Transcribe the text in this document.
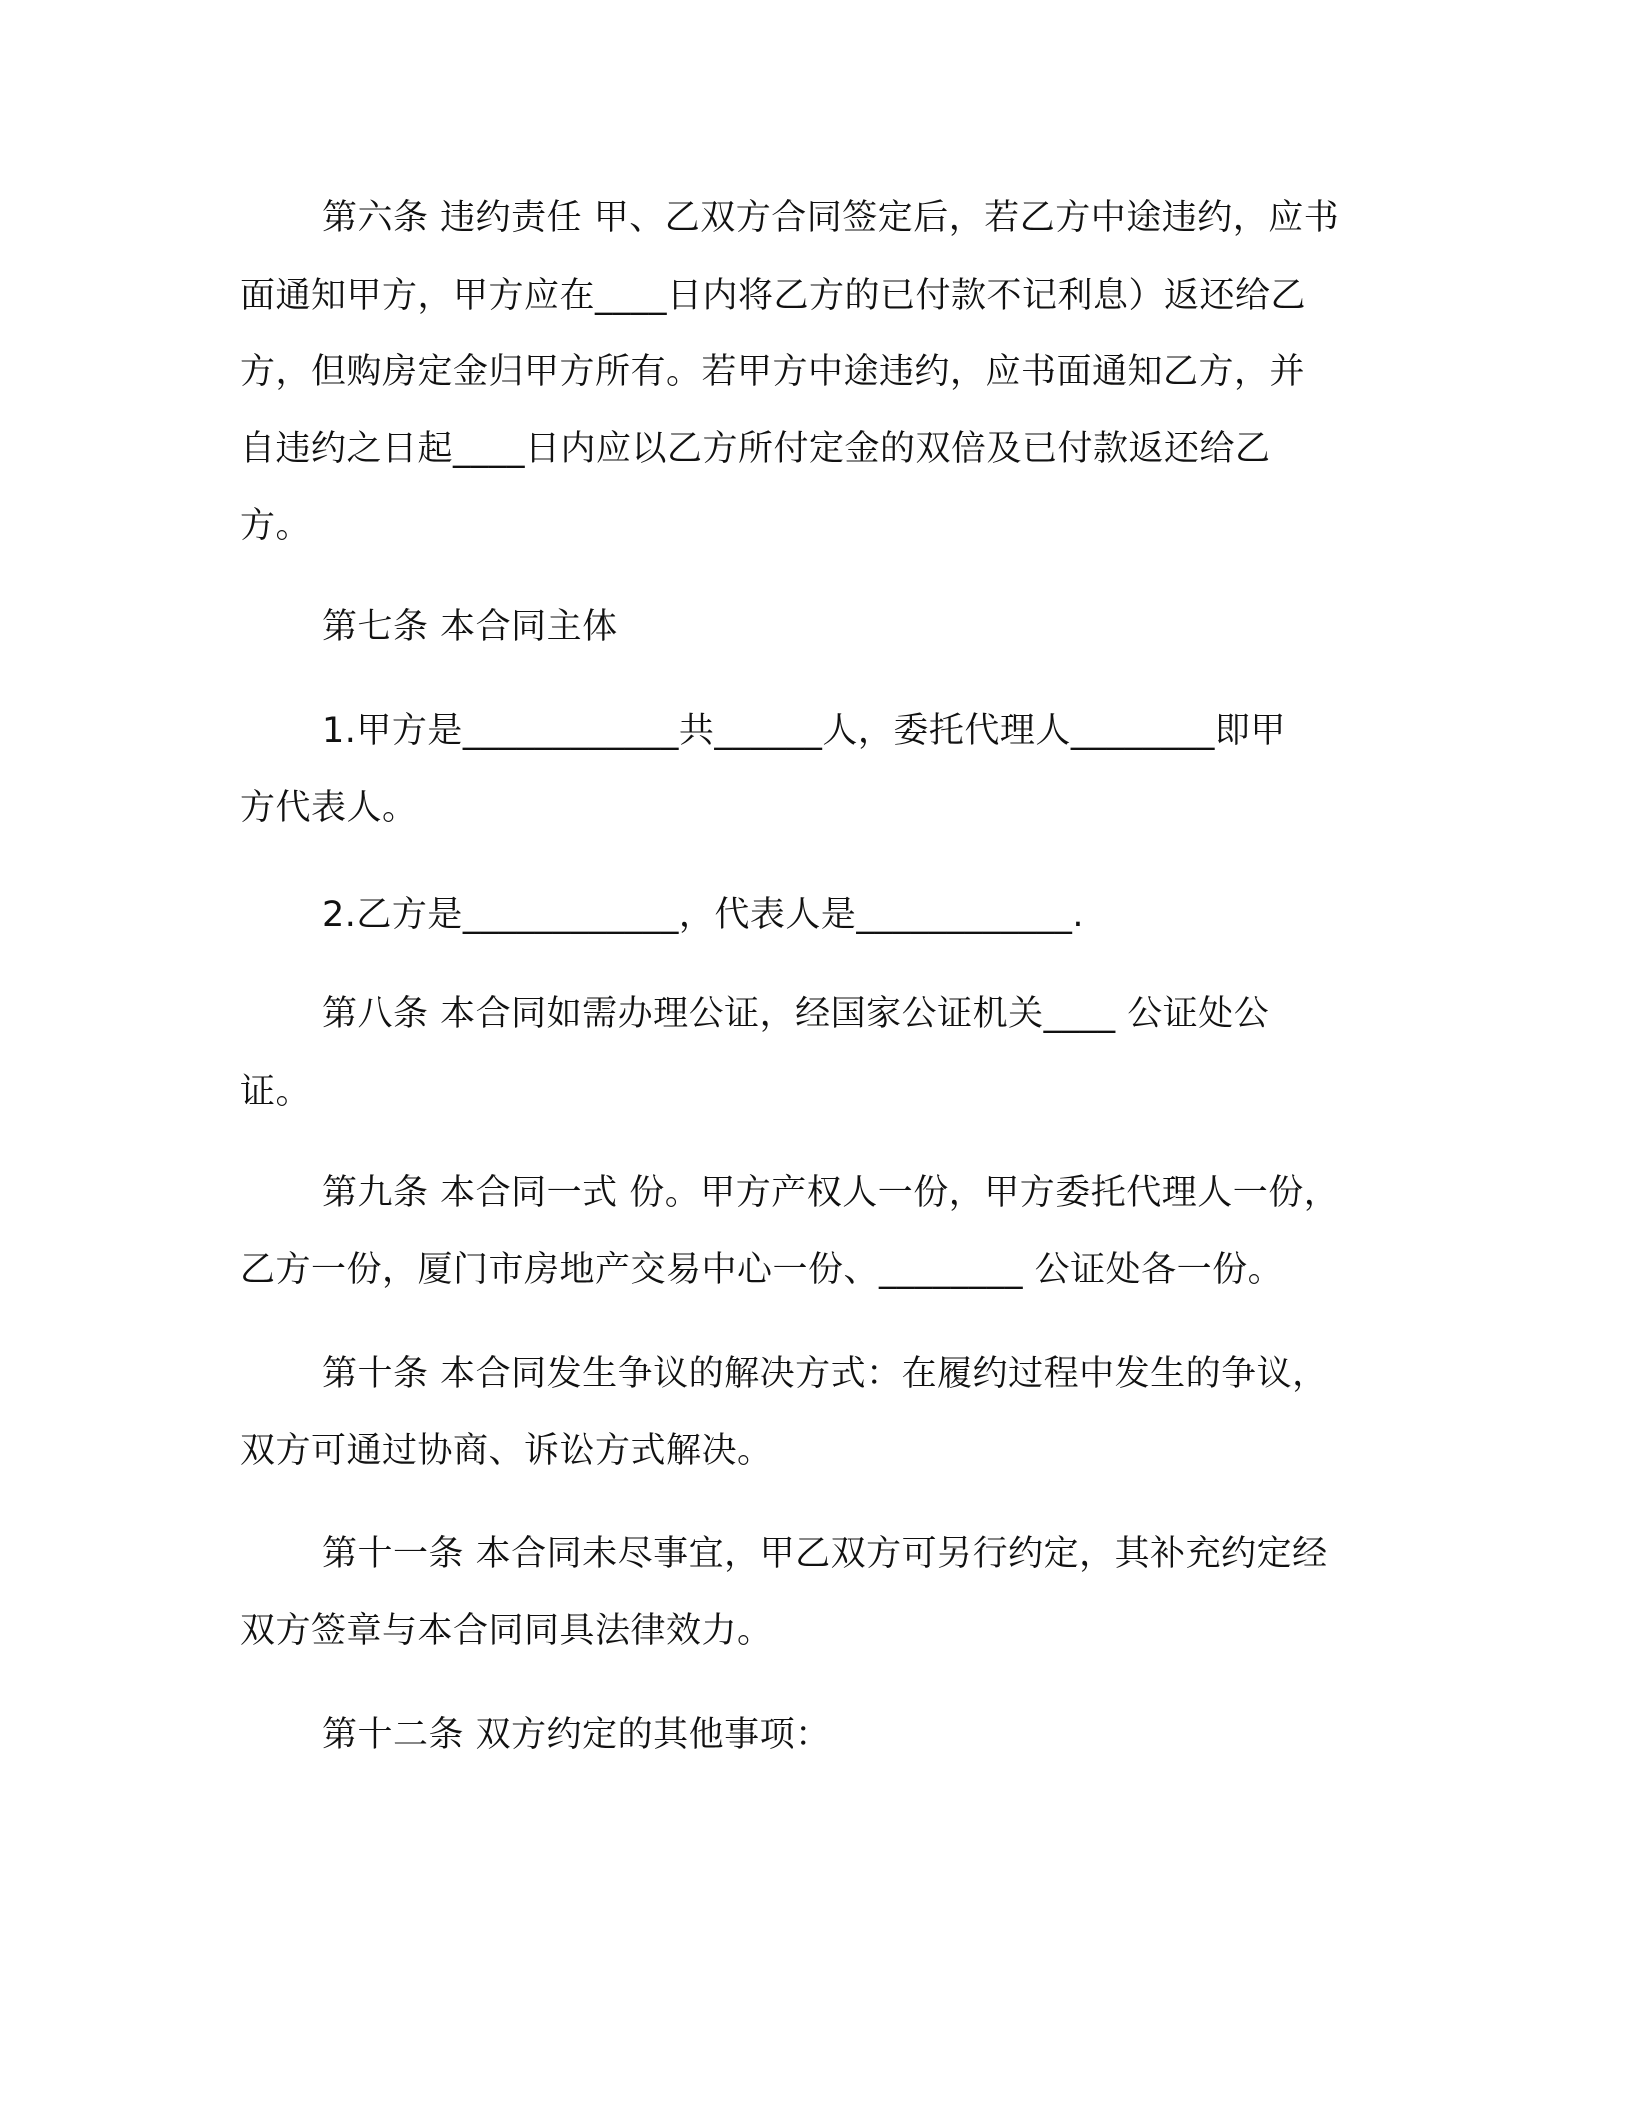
第六条 违约责任 甲、乙双方合同签定后，若乙方中途违约，应书
面通知甲方，甲方应在____日内将乙方的已付款不记利息）返还给乙
方，但购房定金归甲方所有。若甲方中途违约，应书面通知乙方，并
自违约之日起____日内应以乙方所付定金的双倍及已付款返还给乙
方。
第七条 本合同主体
1.甲方是____________共______人，委托代理人________即甲
方代表人。
2.乙方是____________，代表人是____________.
第八条 本合同如需办理公证，经国家公证机关____ 公证处公
证。
第九条 本合同一式 份。甲方产权人一份，甲方委托代理人一份，
乙方一份，厦门市房地产交易中心一份、________ 公证处各一份。
第十条 本合同发生争议的解决方式：在履约过程中发生的争议，
双方可通过协商、诉讼方式解决。
第十一条 本合同未尽事宜，甲乙双方可另行约定，其补充约定经
双方签章与本合同同具法律效力。
第十二条 双方约定的其他事项：
